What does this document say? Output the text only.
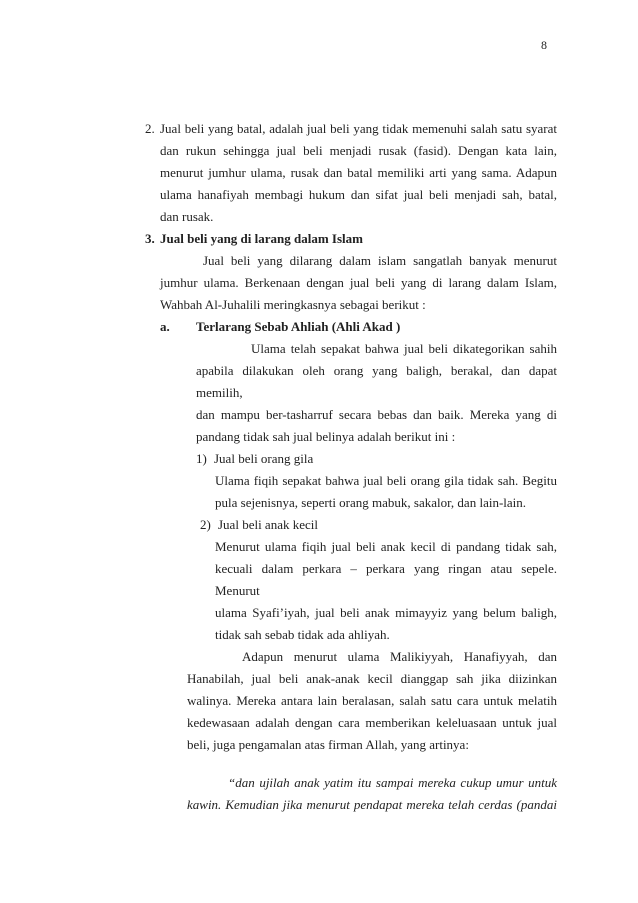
8
2. Jual beli yang batal, adalah jual beli yang tidak memenuhi salah satu syarat
dan rukun sehingga jual beli menjadi rusak (fasid). Dengan kata lain,
menurut jumhur ulama, rusak dan batal memiliki arti yang sama. Adapun
ulama hanafiyah membagi hukum dan sifat jual beli menjadi sah, batal,
dan rusak.
3. Jual beli yang di larang dalam Islam
Jual beli yang dilarang dalam islam sangatlah banyak menurut
jumhur ulama. Berkenaan dengan jual beli yang di larang dalam Islam,
Wahbah Al-Juhalili meringkasnya sebagai berikut :
a. Terlarang Sebab Ahliah (Ahli Akad )
Ulama telah sepakat bahwa jual beli dikategorikan sahih
apabila dilakukan oleh orang yang baligh, berakal, dan dapat memilih,
dan mampu ber-tasharruf secara bebas dan baik. Mereka yang di
pandang tidak sah jual belinya adalah berikut ini :
1) Jual beli orang gila
Ulama fiqih sepakat bahwa jual beli orang gila tidak sah. Begitu
pula sejenisnya, seperti orang mabuk, sakalor, dan lain-lain.
2) Jual beli anak kecil
Menurut ulama fiqih jual beli anak kecil di pandang tidak sah,
kecuali dalam perkara – perkara yang ringan atau sepele. Menurut
ulama Syafi’iyah, jual beli anak mimayyiz yang belum baligh,
tidak sah sebab tidak ada ahliyah.
Adapun menurut ulama Malikiyyah, Hanafiyyah, dan
Hanabilah, jual beli anak-anak kecil dianggap sah jika diizinkan
walinya. Mereka antara lain beralasan, salah satu cara untuk melatih
kedewasaan adalah dengan cara memberikan keleluasaan untuk jual
beli, juga pengamalan atas firman Allah, yang artinya:
“dan ujilah anak yatim itu sampai mereka cukup umur untuk
kawin. Kemudian jika menurut pendapat mereka telah cerdas (pandai
